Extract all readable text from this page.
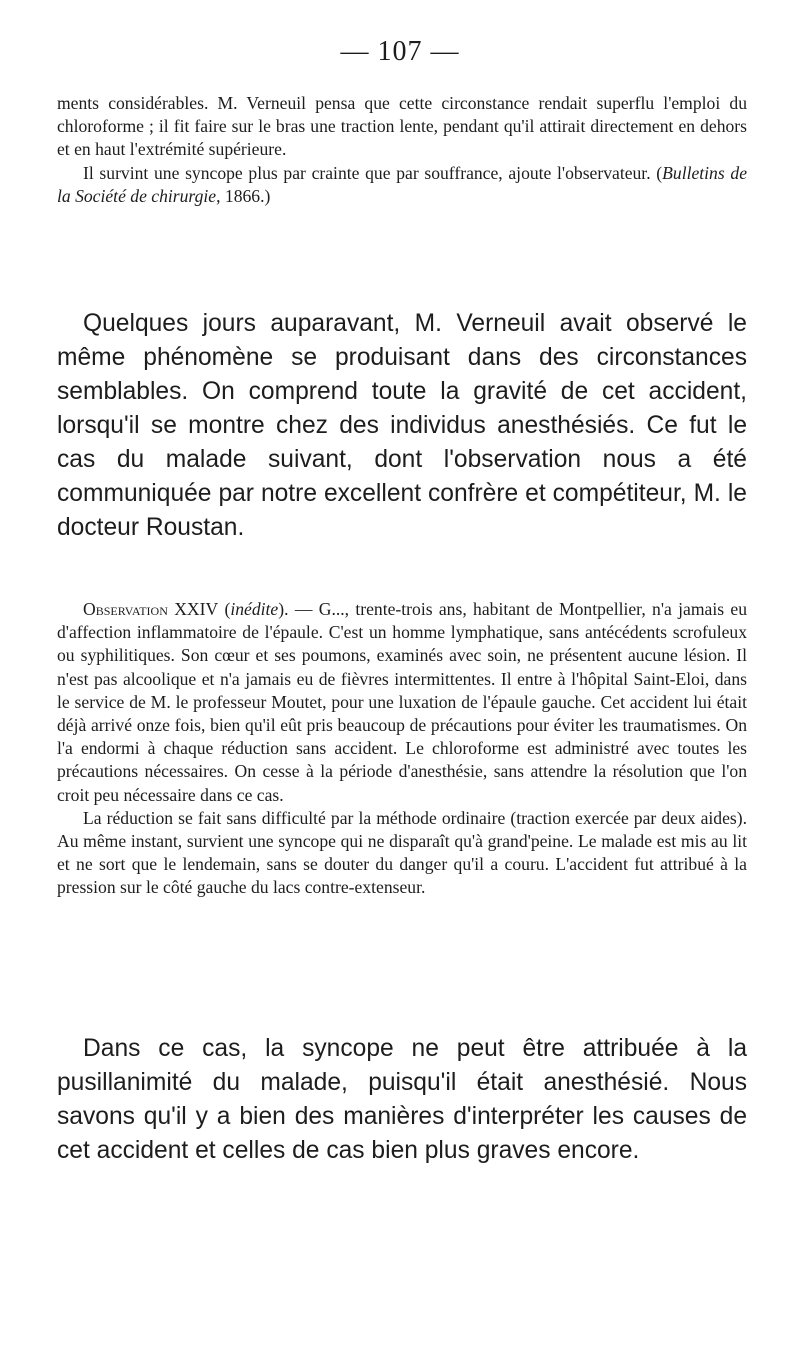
— 107 —

ments considérables. M. Verneuil pensa que cette circonstance rendait superflu l'emploi du chloroforme ; il fit faire sur le bras une traction lente, pendant qu'il attirait directement en dehors et en haut l'extrémité supérieure.

Il survint une syncope plus par crainte que par souffrance, ajoute l'observateur. (Bulletins de la Société de chirurgie, 1866.)

Quelques jours auparavant, M. Verneuil avait observé le même phénomène se produisant dans des circonstances semblables. On comprend toute la gravité de cet accident, lorsqu'il se montre chez des individus anesthésiés. Ce fut le cas du malade suivant, dont l'observation nous a été communiquée par notre excellent confrère et compétiteur, M. le docteur Roustan.

Observation XXIV (inédite). — G..., trente-trois ans, habitant de Montpellier, n'a jamais eu d'affection inflammatoire de l'épaule. C'est un homme lymphatique, sans antécédents scrofuleux ou syphilitiques. Son cœur et ses poumons, examinés avec soin, ne présentent aucune lésion. Il n'est pas alcoolique et n'a jamais eu de fièvres intermittentes. Il entre à l'hôpital Saint-Eloi, dans le service de M. le professeur Moutet, pour une luxation de l'épaule gauche. Cet accident lui était déjà arrivé onze fois, bien qu'il eût pris beaucoup de précautions pour éviter les traumatismes. On l'a endormi à chaque réduction sans accident. Le chloroforme est administré avec toutes les précautions nécessaires. On cesse à la période d'anesthésie, sans attendre la résolution que l'on croit peu nécessaire dans ce cas.

La réduction se fait sans difficulté par la méthode ordinaire (traction exercée par deux aides). Au même instant, survient une syncope qui ne disparaît qu'à grand'peine. Le malade est mis au lit et ne sort que le lendemain, sans se douter du danger qu'il a couru. L'accident fut attribué à la pression sur le côté gauche du lacs contre-extenseur.

Dans ce cas, la syncope ne peut être attribuée à la pusillanimité du malade, puisqu'il était anesthésié. Nous savons qu'il y a bien des manières d'interpréter les causes de cet accident et celles de cas bien plus graves encore.
